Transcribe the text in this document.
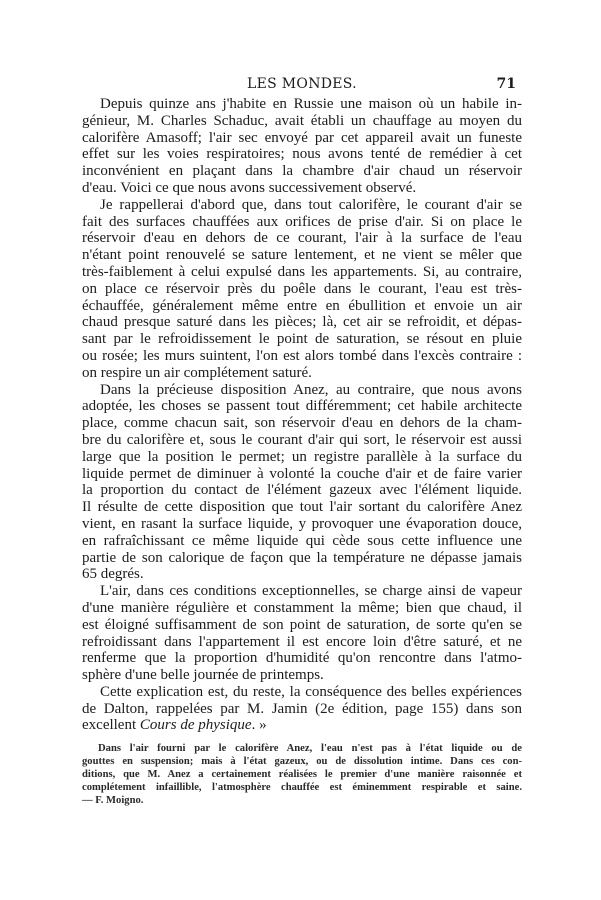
LES MONDES.	71
Depuis quinze ans j'habite en Russie une maison où un habile in-
génieur, M. Charles Schaduc, avait établi un chauffage au moyen du
calorifère Amasoff; l'air sec envoyé par cet appareil avait un funeste
effet sur les voies respiratoires; nous avons tenté de remédier à cet
inconvénient en plaçant dans la chambre d'air chaud un réservoir
d'eau. Voici ce que nous avons successivement observé.
Je rappellerai d'abord que, dans tout calorifère, le courant d'air se
fait des surfaces chauffées aux orifices de prise d'air. Si on place le
réservoir d'eau en dehors de ce courant, l'air à la surface de l'eau
n'étant point renouvelé se sature lentement, et ne vient se mêler que
très-faiblement à celui expulsé dans les appartements. Si, au contraire,
on place ce réservoir près du poêle dans le courant, l'eau est très-
échauffée, généralement même entre en ébullition et envoie un air
chaud presque saturé dans les pièces; là, cet air se refroidit, et dépas-
sant par le refroidissement le point de saturation, se résout en pluie
ou rosée; les murs suintent, l'on est alors tombé dans l'excès contraire :
on respire un air complétement saturé.
Dans la précieuse disposition Anez, au contraire, que nous avons
adoptée, les choses se passent tout différemment; cet habile architecte
place, comme chacun sait, son réservoir d'eau en dehors de la cham-
bre du calorifère et, sous le courant d'air qui sort, le réservoir est aussi
large que la position le permet; un registre parallèle à la surface du
liquide permet de diminuer à volonté la couche d'air et de faire varier
la proportion du contact de l'élément gazeux avec l'élément liquide.
Il résulte de cette disposition que tout l'air sortant du calorifère Anez
vient, en rasant la surface liquide, y provoquer une évaporation douce,
en rafraîchissant ce même liquide qui cède sous cette influence une
partie de son calorique de façon que la température ne dépasse jamais
65 degrés.
L'air, dans ces conditions exceptionnelles, se charge ainsi de vapeur
d'une manière régulière et constamment la même; bien que chaud, il
est éloigné suffisamment de son point de saturation, de sorte qu'en se
refroidissant dans l'appartement il est encore loin d'être saturé, et ne
renferme que la proportion d'humidité qu'on rencontre dans l'atmo-
sphère d'une belle journée de printemps.
Cette explication est, du reste, la conséquence des belles expériences
de Dalton, rappelées par M. Jamin (2e édition, page 155) dans son
excellent Cours de physique. »
Dans l'air fourni par le calorifère Anez, l'eau n'est pas à l'état liquide ou de
gouttes en suspension; mais à l'état gazeux, ou de dissolution intime. Dans ces con-
ditions, que M. Anez a certainement réalisées le premier d'une manière raisonnée et
complétement infaillible, l'atmosphère chauffée est éminemment respirable et saine.
— F. Moigno.
